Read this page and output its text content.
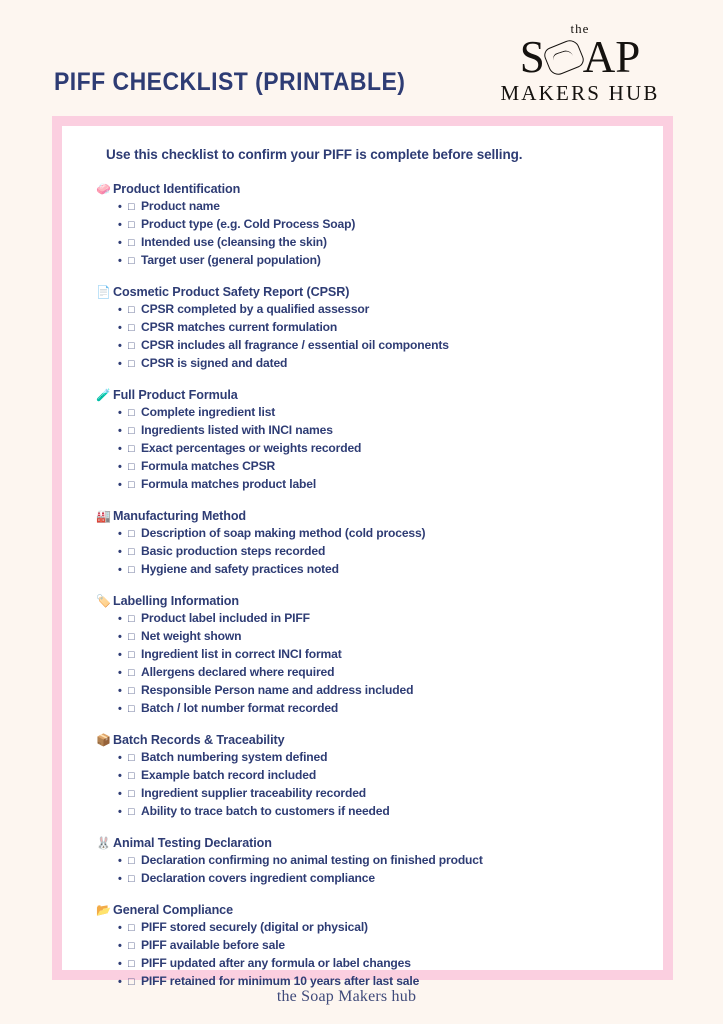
PIFF CHECKLIST (PRINTABLE)
the
S A P
MAKERS HUB
Use this checklist to confirm your PIFF is complete before selling.
🧼 Product Identification
• □ Product name
• □ Product type (e.g. Cold Process Soap)
• □ Intended use (cleansing the skin)
• □ Target user (general population)
📄 Cosmetic Product Safety Report (CPSR)
• □ CPSR completed by a qualified assessor
• □ CPSR matches current formulation
• □ CPSR includes all fragrance / essential oil components
• □ CPSR is signed and dated
🧪 Full Product Formula
• □ Complete ingredient list
• □ Ingredients listed with INCI names
• □ Exact percentages or weights recorded
• □ Formula matches CPSR
• □ Formula matches product label
🏭 Manufacturing Method
• □ Description of soap making method (cold process)
• □ Basic production steps recorded
• □ Hygiene and safety practices noted
🏷️ Labelling Information
• □ Product label included in PIFF
• □ Net weight shown
• □ Ingredient list in correct INCI format
• □ Allergens declared where required
• □ Responsible Person name and address included
• □ Batch / lot number format recorded
📦 Batch Records & Traceability
• □ Batch numbering system defined
• □ Example batch record included
• □ Ingredient supplier traceability recorded
• □ Ability to trace batch to customers if needed
🐰 Animal Testing Declaration
• □ Declaration confirming no animal testing on finished product
• □ Declaration covers ingredient compliance
📂 General Compliance
• □ PIFF stored securely (digital or physical)
• □ PIFF available before sale
• □ PIFF updated after any formula or label changes
• □ PIFF retained for minimum 10 years after last sale
the Soap Makers hub
